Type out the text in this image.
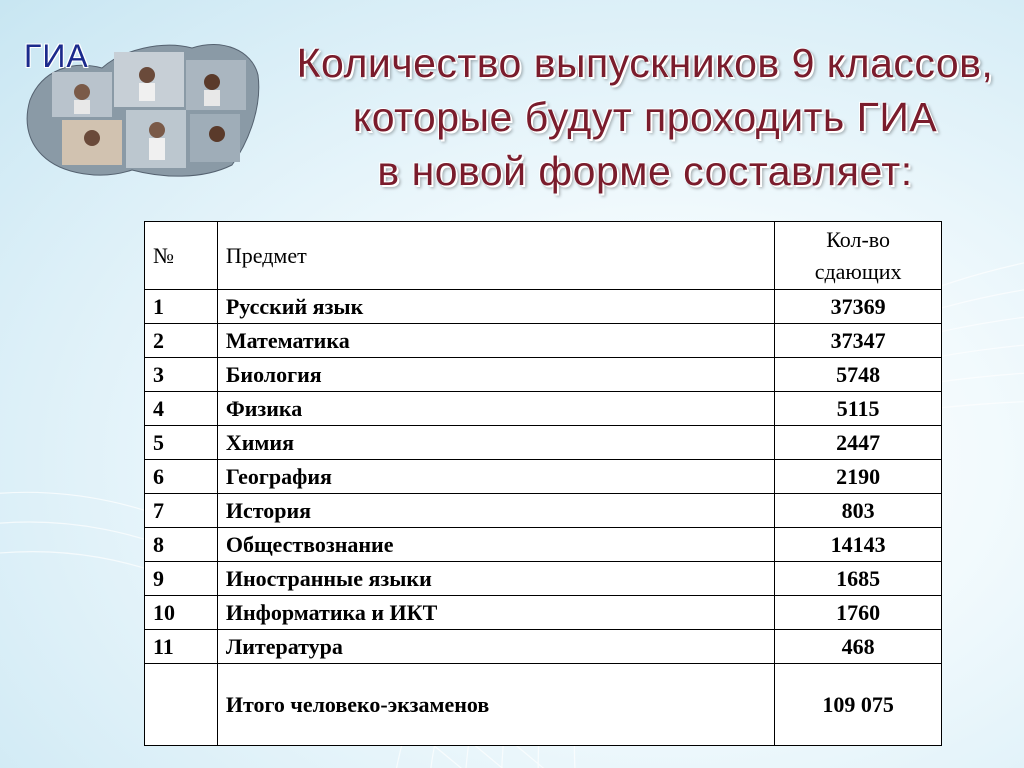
ГИА	Количество выпускников 9 классов,
которые будут проходить ГИА
в новой форме составляет:
№	Предмет	Кол-во
сдающих
1	Русский язык	37369
2	Математика	37347
3	Биология	5748
4	Физика	5115
5	Химия	2447
6	География	2190
7	История	803
8	Обществознание	14143
9	Иностранные языки	1685
10	Информатика и ИКТ	1760
11	Литература	468
	Итого человеко-экзаменов	109 075
